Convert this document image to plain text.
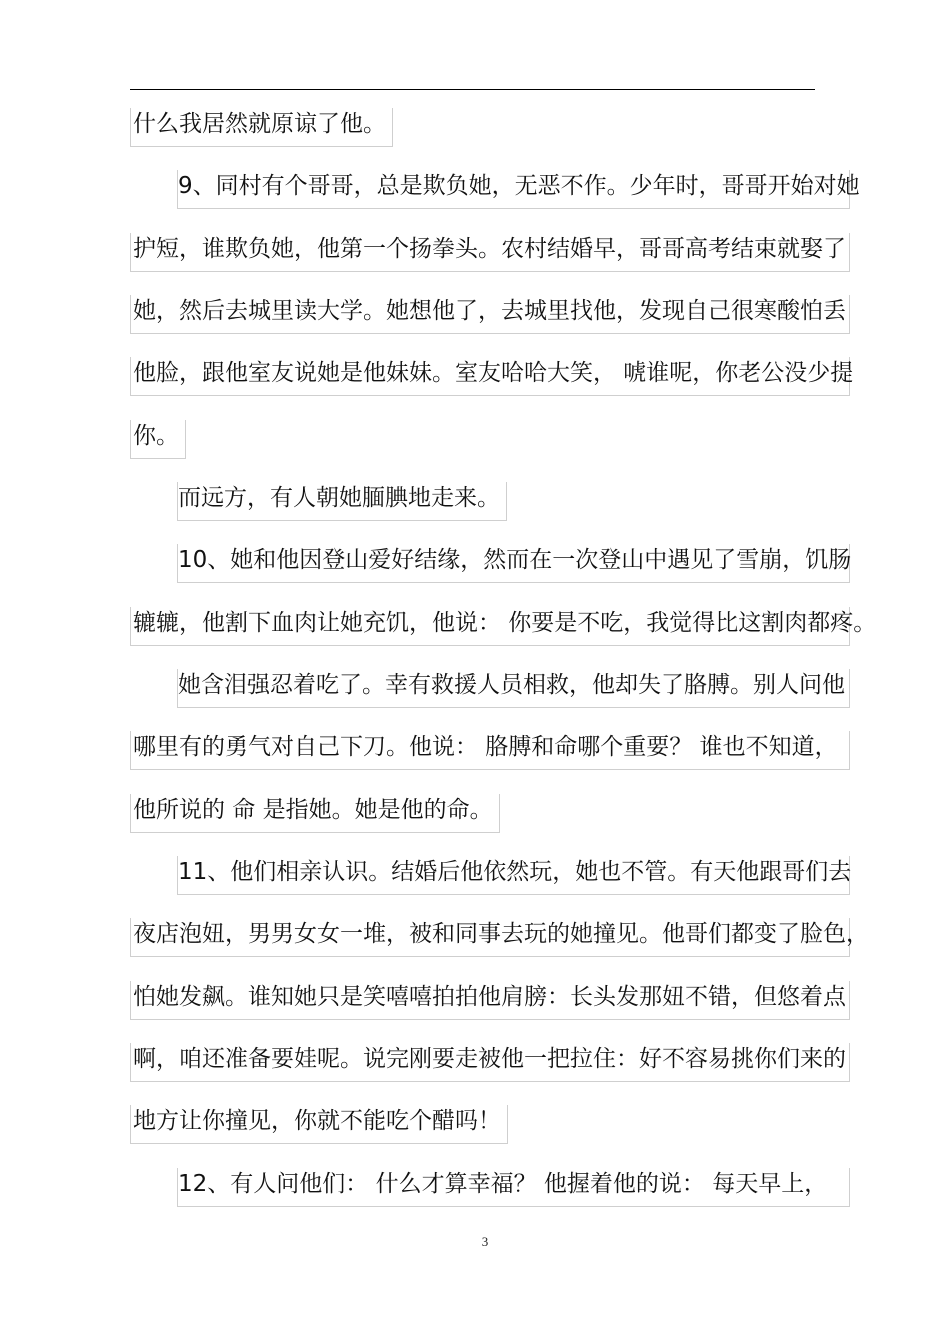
什么我居然就原谅了他。
9、同村有个哥哥，总是欺负她，无恶不作。少年时，哥哥开始对她
护短，谁欺负她，他第一个扬拳头。农村结婚早，哥哥高考结束就娶了
她，然后去城里读大学。她想他了，去城里找他，发现自己很寒酸怕丢
他脸，跟他室友说她是他妹妹。室友哈哈大笑， 唬谁呢，你老公没少提
你。
而远方，有人朝她腼腆地走来。
10、她和他因登山爱好结缘，然而在一次登山中遇见了雪崩，饥肠
辘辘，他割下血肉让她充饥，他说： 你要是不吃，我觉得比这割肉都疼。
她含泪强忍着吃了。幸有救援人员相救，他却失了胳膊。别人问他
哪里有的勇气对自己下刀。他说： 胳膊和命哪个重要？ 谁也不知道，
他所说的 命 是指她。她是他的命。
11、他们相亲认识。结婚后他依然玩，她也不管。有天他跟哥们去
夜店泡妞，男男女女一堆，被和同事去玩的她撞见。他哥们都变了脸色，
怕她发飙。谁知她只是笑嘻嘻拍拍他肩膀：长头发那妞不错，但悠着点
啊，咱还准备要娃呢。说完刚要走被他一把拉住：好不容易挑你们来的
地方让你撞见，你就不能吃个醋吗！
12、有人问他们： 什么才算幸福？ 他握着他的说： 每天早上，
3
